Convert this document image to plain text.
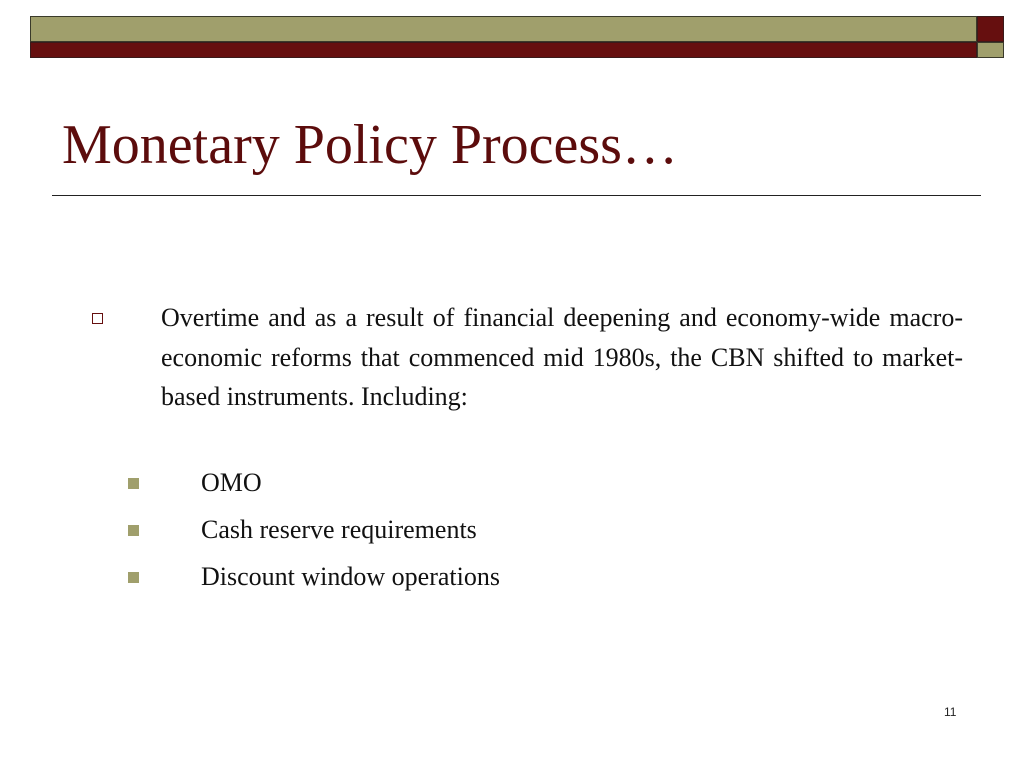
Monetary Policy Process…

Overtime and as a result of financial deepening and economy-wide macro-economic reforms that commenced mid 1980s, the CBN shifted to market-based instruments. Including:

OMO
Cash reserve requirements
Discount window operations
11
